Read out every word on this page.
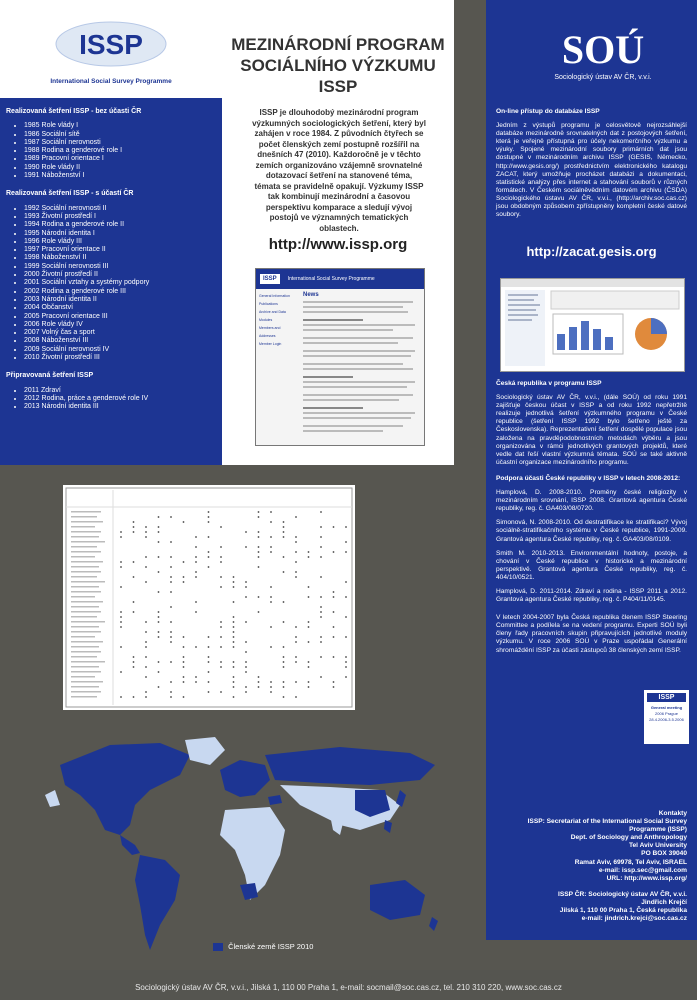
ISSP
International Social Survey Programme
Realizovaná šetření ISSP - bez účasti ČR
• 1985 Role vlády I
• 1986 Sociální sítě
• 1987 Sociální nerovnosti
• 1988 Rodina a genderové role I
• 1989 Pracovní orientace I
• 1990 Role vlády II
• 1991 Náboženství I
Realizovaná šetření ISSP - s účastí ČR
• 1992 Sociální nerovnosti II
• 1993 Životní prostředí I
• 1994 Rodina a genderové role II
• 1995 Národní identita I
• 1996 Role vlády III
• 1997 Pracovní orientace II
• 1998 Náboženství II
• 1999 Sociální nerovnosti III
• 2000 Životní prostředí II
• 2001 Sociální vztahy a systémy podpory
• 2002 Rodina a genderové role III
• 2003 Národní identita II
• 2004 Občanství
• 2005 Pracovní orientace III
• 2006 Role vlády IV
• 2007 Volný čas a sport
• 2008 Náboženství III
• 2009 Sociální nerovnosti IV
• 2010 Životní prostředí III
Připravovaná šetření ISSP
• 2011 Zdraví
• 2012 Rodina, práce a genderové role IV
• 2013 Národní identita III
MEZINÁRODNÍ PROGRAM
SOCIÁLNÍHO VÝZKUMU ISSP
ISSP je dlouhodobý mezinárodní program výzkumných sociologických šetření, který byl zahájen v roce 1984. Z původních čtyřech se počet členských zemí postupně rozšířil na dnešních 47 (2010). Každoročně je v těchto zemích organizováno vzájemně srovnatelné dotazovací šetření na stanovené téma, témata se pravidelně opakují. Výzkumy ISSP tak kombinují mezinárodní a časovou perspektivu komparace a sledují vývoj postojů ve významných tematických oblastech.
http://www.issp.org
ISSP	International Social Survey Programme
General Information
Publications
Archive and Data
Modules
Members and Addresses
Member Login
News
SOÚ
Sociologický ústav AV ČR, v.v.i.
On-line přístup do databáze ISSP

Jedním z výstupů programu je celosvětově nejrozsáhlejší databáze mezinárodně srovnatelných dat z postojových šetření, která je veřejně přístupná pro účely nekomerčního výzkumu a výuky. Spojené mezinárodní soubory primárních dat jsou dostupné v mezinárodním archivu ISSP (GESIS, Německo, http://www.gesis.org/) prostřednictvím elektronického katalogu ZACAT, který umožňuje procházet databázi a dokumentaci, statistické analýzy přes internet a stahování souborů v různých formátech. V Českém sociálněvědním datovém archivu (ČSDA) Sociologického ústavu AV ČR, v.v.i., (http://archiv.soc.cas.cz) jsou obdobným způsobem zpřístupněny kompletní české datové soubory.

http://zacat.gesis.org
Česká republika v programu ISSP

Sociologický ústav AV ČR, v.v.i., (dále SOÚ) od roku 1991 zajišťuje českou účast v ISSP a od roku 1992 nepřetržitě realizuje jednotlivá šetření výzkumného programu v České republice (šetření ISSP 1992 bylo šetřeno ještě za Československa). Reprezentativní šetření dospělé populace jsou založena na pravděpodobnostních metodách výběru a jsou organizována v rámci jednotlivých grantových projektů, které vedle dat řeší vlastní výzkumná témata. SOÚ se také aktivně účastní organizace mezinárodního programu.

Podpora účasti České republiky v ISSP v letech 2008-2012:

Hamplová, D. 2008-2010. Proměny české religiozity v mezinárodním srovnání, ISSP 2008. Grantová agentura České republiky, reg. č. GA403/08/0720.

Simonová, N. 2008-2010. Od destratifikace ke stratifikaci? Vývoj sociálně-stratifikačního systému v České republice, 1991-2009. Grantová agentura České republiky, reg. č. GA403/08/0109.

Smith M. 2010-2013. Environmentální hodnoty, postoje, a chování v České republice v historické a mezinárodní perspektivě. Grantová agentura České republiky, reg. č. 404/10/0521.

Hamplová, D. 2011-2014. Zdraví a rodina - ISSP 2011 a 2012. Grantová agentura České republiky, reg. č. P404/11/0145.

V letech 2004-2007 byla Česká republika členem ISSP Steering Committee a podílela se na vedení programu. Experti SOÚ byli členy řady pracovních skupin připravujících jednotlivé moduly výzkumu. V roce 2006 SOÚ v Praze uspořádal Generální shromáždění ISSP za účasti zástupců 38 členských zemí ISSP.

ISSP
General meeting
2006 Prague
28.4.2006-3.5.2006
Kontakty
ISSP: Secretariat of the International Social Survey Programme (ISSP)
Dept. of Sociology and Anthropology
Tel Aviv University
PO BOX 39040
Ramat Aviv, 69978, Tel Aviv, ISRAEL
e-mail: issp.sec@gmail.com
URL: http://www.issp.org/

ISSP ČR: Sociologický ústav AV ČR, v.v.i.
Jindřich Krejčí
Jilská 1, 110 00 Praha 1, Česká republika
e-mail: jindrich.krejci@soc.cas.cz
Členské země ISSP 2010
Sociologický ústav AV ČR, v.v.i., Jilská 1, 110 00 Praha 1, e-mail: socmail@soc.cas.cz, tel. 210 310 220, www.soc.cas.cz
